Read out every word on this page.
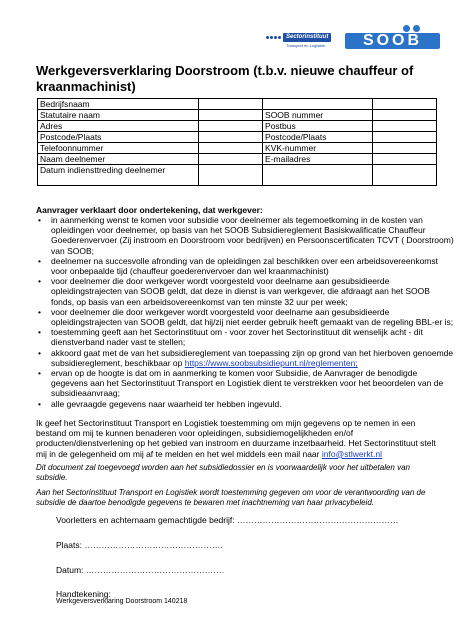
Sectorinstituut
Transport en Logistiek	SOOB
Werkgeversverklaring Doorstroom (t.b.v. nieuwe chauffeur of kraanmachinist)
Bedrijfsnaam			
Statutaire naam		SOOB nummer	
Adres		Postbus	
Postcode/Plaats		Postcode/Plaats	
Telefoonnummer		KVK-nummer	
Naam deelnemer		E-mailadres	
Datum indiensttreding deelnemer			
Aanvrager verklaart door ondertekening, dat werkgever:
• in aanmerking wenst te komen voor subsidie voor deelnemer als tegemoetkoming in de kosten van opleidingen voor deelnemer, op basis van het SOOB Subsidiereglement Basiskwalificatie Chauffeur Goederenvervoer (Zij instroom en Doorstroom voor bedrijven) en Persoonscertificaten TCVT ( Doorstroom) van SOOB;
• deelnemer na succesvolle afronding van de opleidingen zal beschikken over een arbeidsovereenkomst voor onbepaalde tijd (chauffeur goederenvervoer dan wel kraanmachinist)
• voor deelnemer die door werkgever wordt voorgesteld voor deelname aan gesubsidieerde opleidingstrajecten van SOOB geldt, dat deze in dienst is van werkgever, die afdraagt aan het SOOB fonds, op basis van een arbeidsovereenkomst van ten minste 32 uur per week;
• voor deelnemer die door werkgever wordt voorgesteld voor deelname aan gesubsidieerde opleidingstrajecten van SOOB geldt, dat hij/zij niet eerder gebruik heeft gemaakt van de regeling BBL-er is;
• toestemming geeft aan het Sectorinstituut om - voor zover het Sectorinstituut dit wenselijk acht - dit dienstverband nader vast te stellen;
• akkoord gaat met de van het subsidiereglement van toepassing zijn op grond van het hierboven genoemde subsidiereglement, beschikbaar op https://www.soobsubsidiepunt.nl/reglementen;
• ervan op de hoogte is dat om in aanmerking te komen voor Subsidie, de Aanvrager de benodigde gegevens aan het Sectorinstituut Transport en Logistiek dient te verstrekken voor het beoordelen van de subsidieaanvraag;
• alle gevraagde gegevens naar waarheid ter hebben ingevuld.
Ik geef het Sectorinstituut Transport en Logistiek toestemming om mijn gegevens op te nemen in een bestand om mij te kunnen benaderen voor opleidingen, subsidiemogelijkheden en/of producten/dienstverlening op het gebied van instroom en duurzame inzetbaarheid. Het Sectorinstituut stelt mij in de gelegenheid om mij af te melden en het wel middels een mail naar info@stlwerkt.nl
Dit document zal toegevoegd worden aan het subsidiedossier en is voorwaardelijk voor het uitbetalen van subsidie.
Aan het Sectorinstituut Transport en Logistiek wordt toestemming gegeven om voor de verantwoording van de subsidie de daartoe benodigde gegevens te bewaren met inachtneming van haar privacybeleid.
Voorletters en achternaam gemachtigde bedrijf: …………………………………………………
Plaats: ………………………………………….
Datum: ………………………………………….
Handtekening:
Werkgeversverklaring Doorstroom 140218
